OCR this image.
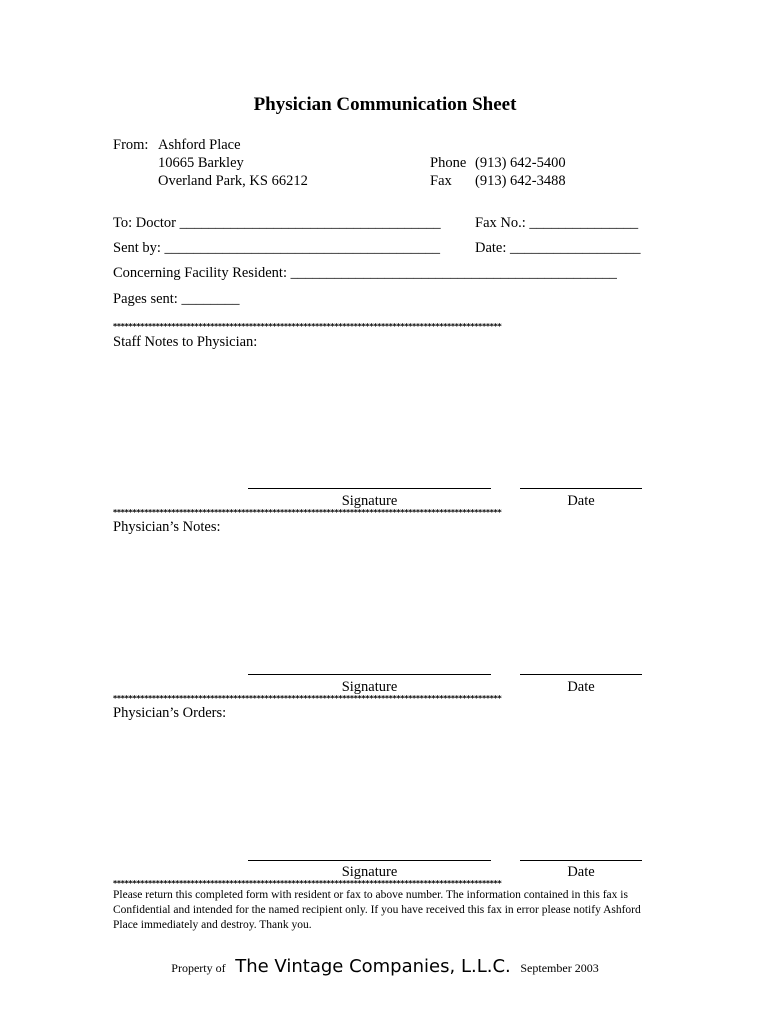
Physician Communication Sheet
From: Ashford Place
10665 Barkley
Overland Park, KS 66212
Phone (913) 642-5400
Fax (913) 642-3488
To: Doctor ____________________________________ Fax No.: _______________
Sent by: ______________________________________ Date: __________________
Concerning Facility Resident: _____________________________________________
Pages sent: ________
****************************************************************************************************
Staff Notes to Physician:
Signature	Date
****************************************************************************************************
Physician’s Notes:
Signature	Date
****************************************************************************************************
Physician’s Orders:
Signature	Date
****************************************************************************************************
Please return this completed form with resident or fax to above number. The information contained in this fax is Confidential and intended for the named recipient only. If you have received this fax in error please notify Ashford Place immediately and destroy. Thank you.
Property of The Vintage Companies, L.L.C. September 2003
